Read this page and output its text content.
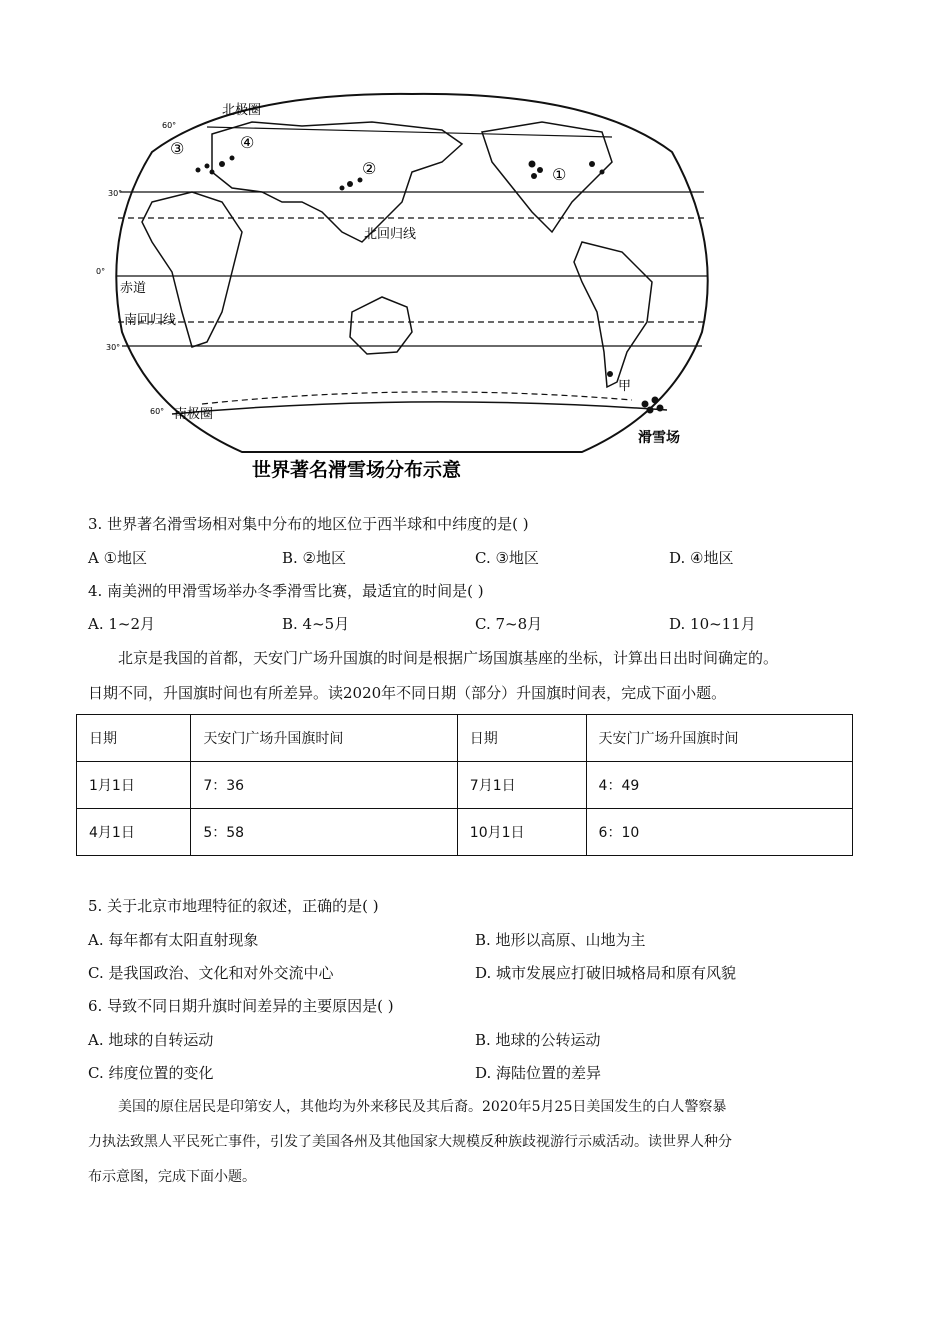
北极圈
南极圈
北回归线
南回归线
赤道
60°
30°
0°
30°
60°
①
②
③	④
甲
滑雪场
世界著名滑雪场分布示意
3. 世界著名滑雪场相对集中分布的地区位于西半球和中纬度的是( )
A ①地区	B. ②地区	C. ③地区	D. ④地区
4. 南美洲的甲滑雪场举办冬季滑雪比赛，最适宜的时间是( )
A. 1~2月	B. 4~5月	C. 7~8月	D. 10~11月
北京是我国的首都，天安门广场升国旗的时间是根据广场国旗基座的坐标，计算出日出时间确定的。
日期不同，升国旗时间也有所差异。读2020年不同日期（部分）升国旗时间表，完成下面小题。
日期	天安门广场升国旗时间	日期	天安门广场升国旗时间
1月1日	7：36	7月1日	4：49
4月1日	5：58	10月1日	6：10
5. 关于北京市地理特征的叙述，正确的是( )
A. 每年都有太阳直射现象	B. 地形以高原、山地为主
C. 是我国政治、文化和对外交流中心	D. 城市发展应打破旧城格局和原有风貌
6. 导致不同日期升旗时间差异的主要原因是( )
A. 地球的自转运动	B. 地球的公转运动
C. 纬度位置的变化	D. 海陆位置的差异
美国的原住居民是印第安人，其他均为外来移民及其后裔。2020年5月25日美国发生的白人警察暴
力执法致黑人平民死亡事件，引发了美国各州及其他国家大规模反种族歧视游行示威活动。读世界人种分
布示意图，完成下面小题。
